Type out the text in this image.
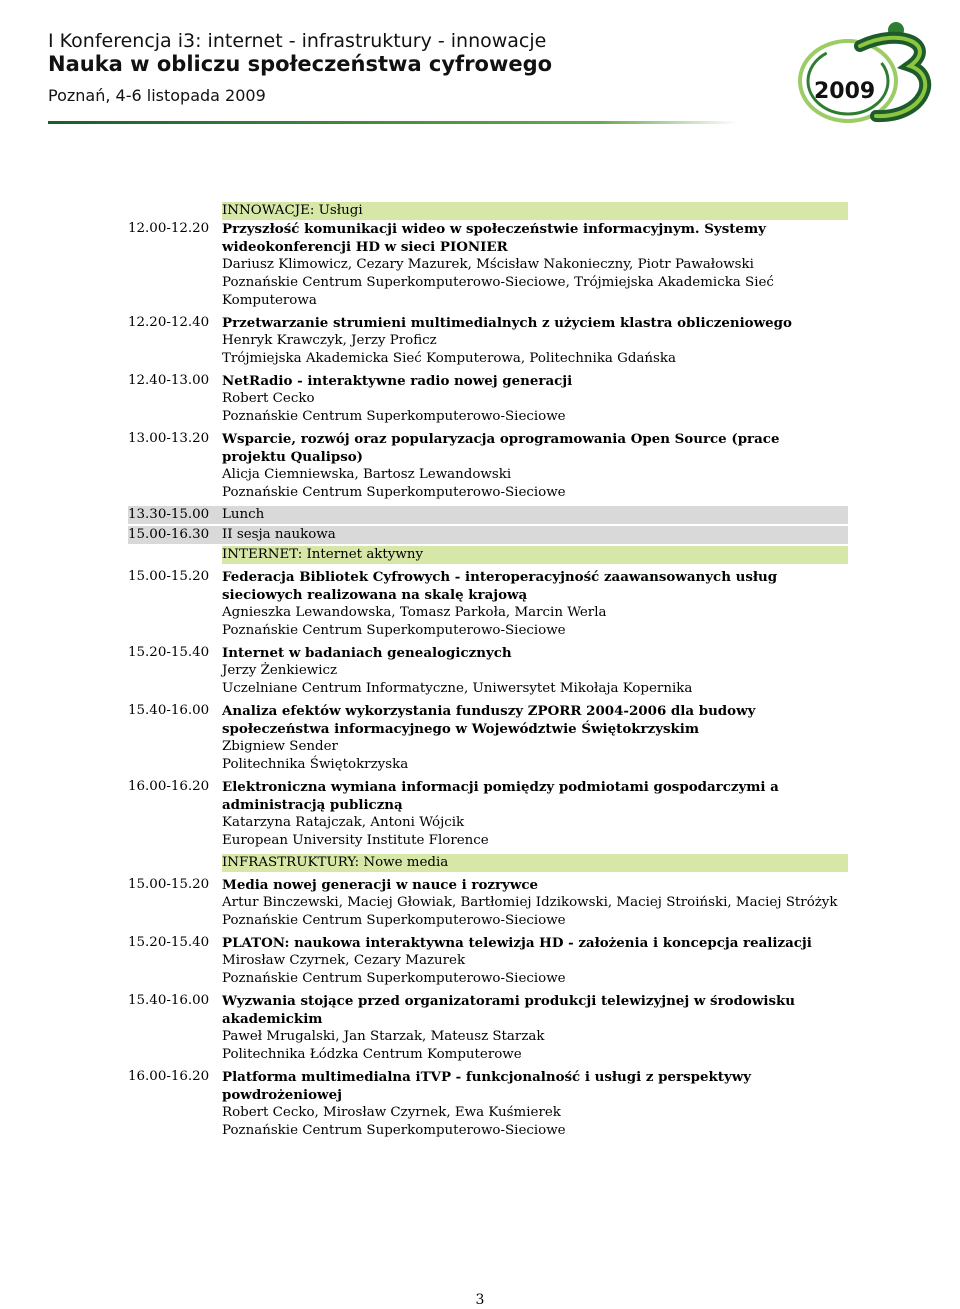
I Konferencja i3: internet - infrastruktury - innowacje
Nauka w obliczu społeczeństwa cyfrowego
Poznań, 4-6 listopada 2009	2009
INNOWACJE: Usługi
12.00-12.20 Przyszłość komunikacji wideo w społeczeństwie informacyjnym. Systemy wideokonferencji HD w sieci PIONIER
Dariusz Klimowicz, Cezary Mazurek, Mścisław Nakonieczny, Piotr Pawałowski
Poznańskie Centrum Superkomputerowo-Sieciowe, Trójmiejska Akademicka Sieć Komputerowa
12.20-12.40 Przetwarzanie strumieni multimedialnych z użyciem klastra obliczeniowego
Henryk Krawczyk, Jerzy Proficz
Trójmiejska Akademicka Sieć Komputerowa, Politechnika Gdańska
12.40-13.00 NetRadio - interaktywne radio nowej generacji
Robert Cecko
Poznańskie Centrum Superkomputerowo-Sieciowe
13.00-13.20 Wsparcie, rozwój oraz popularyzacja oprogramowania Open Source (prace projektu Qualipso)
Alicja Ciemniewska, Bartosz Lewandowski
Poznańskie Centrum Superkomputerowo-Sieciowe
13.30-15.00 Lunch
15.00-16.30 II sesja naukowa
INTERNET: Internet aktywny
15.00-15.20 Federacja Bibliotek Cyfrowych - interoperacyjność zaawansowanych usług sieciowych realizowana na skalę krajową
Agnieszka Lewandowska, Tomasz Parkoła, Marcin Werla
Poznańskie Centrum Superkomputerowo-Sieciowe
15.20-15.40 Internet w badaniach genealogicznych
Jerzy Żenkiewicz
Uczelniane Centrum Informatyczne, Uniwersytet Mikołaja Kopernika
15.40-16.00 Analiza efektów wykorzystania funduszy ZPORR 2004-2006 dla budowy społeczeństwa informacyjnego w Województwie Świętokrzyskim
Zbigniew Sender
Politechnika Świętokrzyska
16.00-16.20 Elektroniczna wymiana informacji pomiędzy podmiotami gospodarczymi a administracją publiczną
Katarzyna Ratajczak, Antoni Wójcik
European University Institute Florence
INFRASTRUKTURY: Nowe media
15.00-15.20 Media nowej generacji w nauce i rozrywce
Artur Binczewski, Maciej Głowiak, Bartłomiej Idzikowski, Maciej Stroiński, Maciej Stróżyk
Poznańskie Centrum Superkomputerowo-Sieciowe
15.20-15.40 PLATON: naukowa interaktywna telewizja HD - założenia i koncepcja realizacji
Mirosław Czyrnek, Cezary Mazurek
Poznańskie Centrum Superkomputerowo-Sieciowe
15.40-16.00 Wyzwania stojące przed organizatorami produkcji telewizyjnej w środowisku akademickim
Paweł Mrugalski, Jan Starzak, Mateusz Starzak
Politechnika Łódzka Centrum Komputerowe
16.00-16.20 Platforma multimedialna iTVP - funkcjonalność i usługi z perspektywy powdrożeniowej
Robert Cecko, Mirosław Czyrnek, Ewa Kuśmierek
Poznańskie Centrum Superkomputerowo-Sieciowe
3
